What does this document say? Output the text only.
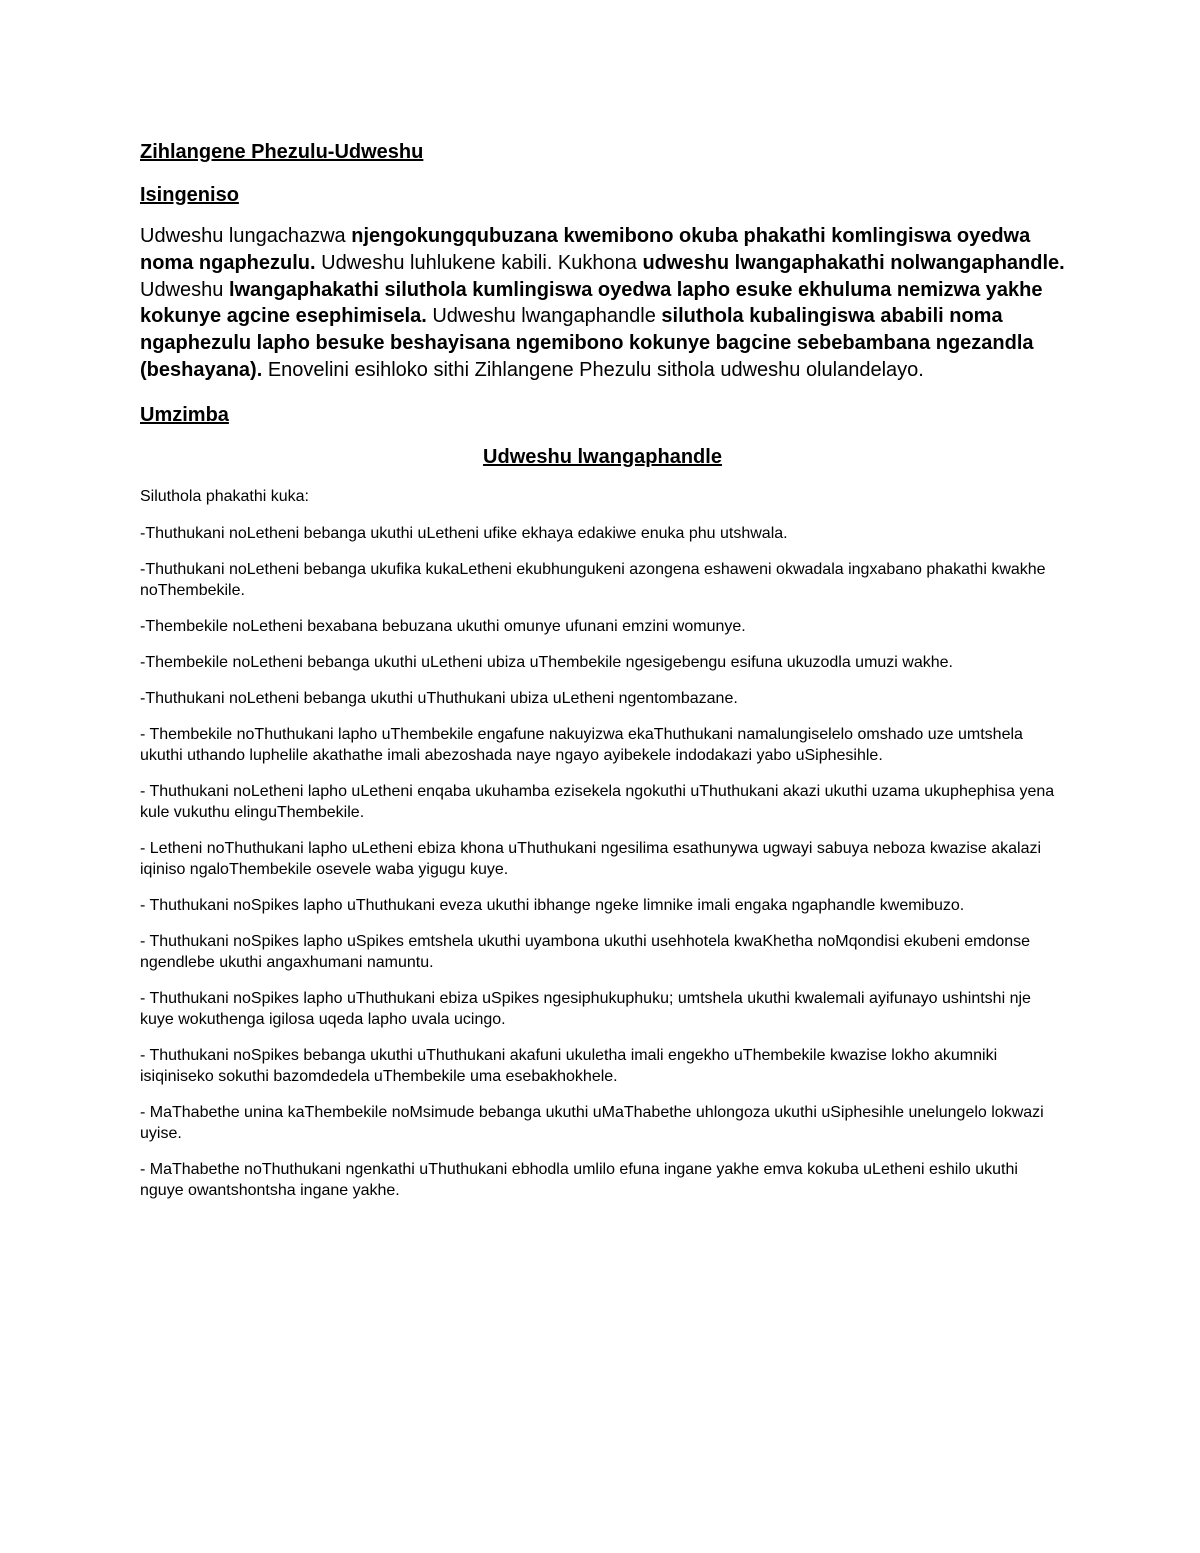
Zihlangene Phezulu-Udweshu
Isingeniso

Udweshu lungachazwa njengokungqubuzana kwemibono okuba phakathi komlingiswa oyedwa noma ngaphezulu. Udweshu luhlukene kabili. Kukhona udweshu lwangaphakathi nolwangaphandle. Udweshu lwangaphakathi siluthola kumlingiswa oyedwa lapho esuke ekhuluma nemizwa yakhe kokunye agcine esephimisela. Udweshu lwangaphandle siluthola kubalingiswa ababili noma ngaphezulu lapho besuke beshayisana ngemibono kokunye bagcine sebebambana ngezandla (beshayana). Enovelini esihloko sithi Zihlangene Phezulu sithola udweshu olulandelayo.

Umzimba
Udweshu lwangaphandle

Siluthola phakathi kuka:

-Thuthukani noLetheni bebanga ukuthi uLetheni ufike ekhaya edakiwe enuka phu utshwala.
-Thuthukani noLetheni bebanga ukufika kukaLetheni ekubhungukeni azongena eshaweni okwadala ingxabano phakathi kwakhe noThembekile.
-Thembekile noLetheni bexabana bebuzana ukuthi omunye ufunani emzini womunye.
-Thembekile noLetheni bebanga ukuthi uLetheni ubiza uThembekile ngesigebengu esifuna ukuzodla umuzi wakhe.
-Thuthukani noLetheni bebanga ukuthi uThuthukani ubiza uLetheni ngentombazane.
- Thembekile noThuthukani lapho uThembekile engafune nakuyizwa ekaThuthukani namalungiselelo omshado uze umtshela ukuthi uthando luphelile akathathe imali abezoshada naye ngayo ayibekele indodakazi yabo uSiphesihle.
- Thuthukani noLetheni lapho uLetheni enqaba ukuhamba ezisekela ngokuthi uThuthukani akazi ukuthi uzama ukuphephisa yena kule vukuthu elinguThembekile.
- Letheni noThuthukani lapho uLetheni ebiza khona uThuthukani ngesilima esathunywa ugwayi sabuya neboza kwazise akalazi iqiniso ngaloThembekile osevele waba yigugu kuye.
- Thuthukani noSpikes lapho uThuthukani eveza ukuthi ibhange ngeke limnike imali engaka ngaphandle kwemibuzo.
- Thuthukani noSpikes lapho uSpikes emtshela ukuthi uyambona ukuthi usehhotela kwaKhetha noMqondisi ekubeni emdonse ngendlebe ukuthi angaxhumani namuntu.
- Thuthukani noSpikes lapho uThuthukani ebiza uSpikes ngesiphukuphuku; umtshela ukuthi kwalemali ayifunayo ushintshi nje kuye wokuthenga igilosa uqeda lapho uvala ucingo.
- Thuthukani noSpikes bebanga ukuthi uThuthukani akafuni ukuletha imali engekho uThembekile kwazise lokho akumniki isiqiniseko sokuthi bazomdedela uThembekile uma esebakhokhele.
- MaThabethe unina kaThembekile noMsimude bebanga ukuthi uMaThabethe uhlongoza ukuthi uSiphesihle unelungelo lokwazi uyise.
- MaThabethe noThuthukani ngenkathi uThuthukani ebhodla umlilo efuna ingane yakhe emva kokuba uLetheni eshilo ukuthi nguye owantshontsha ingane yakhe.
